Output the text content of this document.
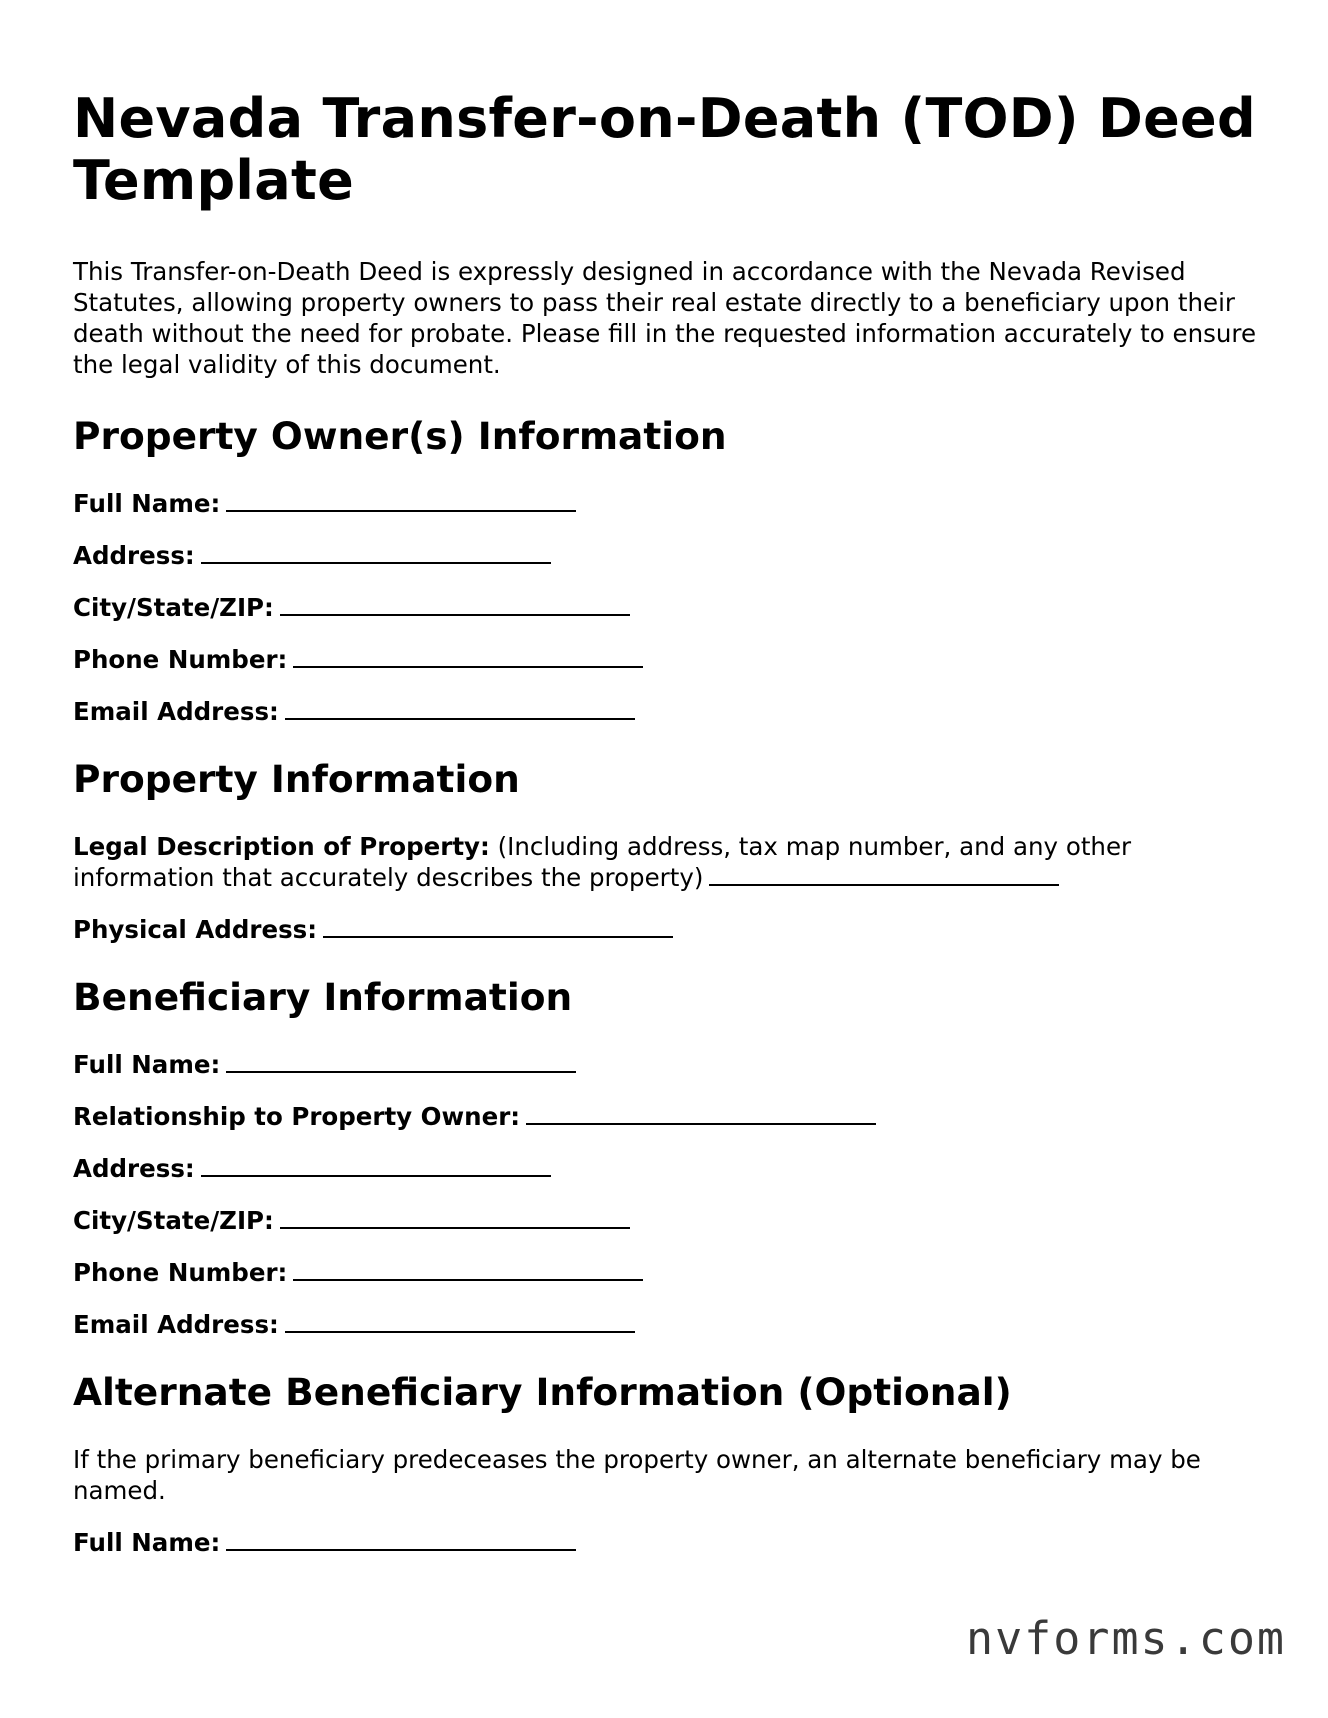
Nevada Transfer-on-Death (TOD) Deed Template

This Transfer-on-Death Deed is expressly designed in accordance with the Nevada Revised Statutes, allowing property owners to pass their real estate directly to a beneficiary upon their death without the need for probate. Please fill in the requested information accurately to ensure the legal validity of this document.

Property Owner(s) Information

Full Name:

Address:

City/State/ZIP:

Phone Number:

Email Address:

Property Information

Legal Description of Property: (Including address, tax map number, and any other information that accurately describes the property)

Physical Address:

Beneficiary Information

Full Name:

Relationship to Property Owner:

Address:

City/State/ZIP:

Phone Number:

Email Address:

Alternate Beneficiary Information (Optional)

If the primary beneficiary predeceases the property owner, an alternate beneficiary may be named.

Full Name:

nvforms.com
